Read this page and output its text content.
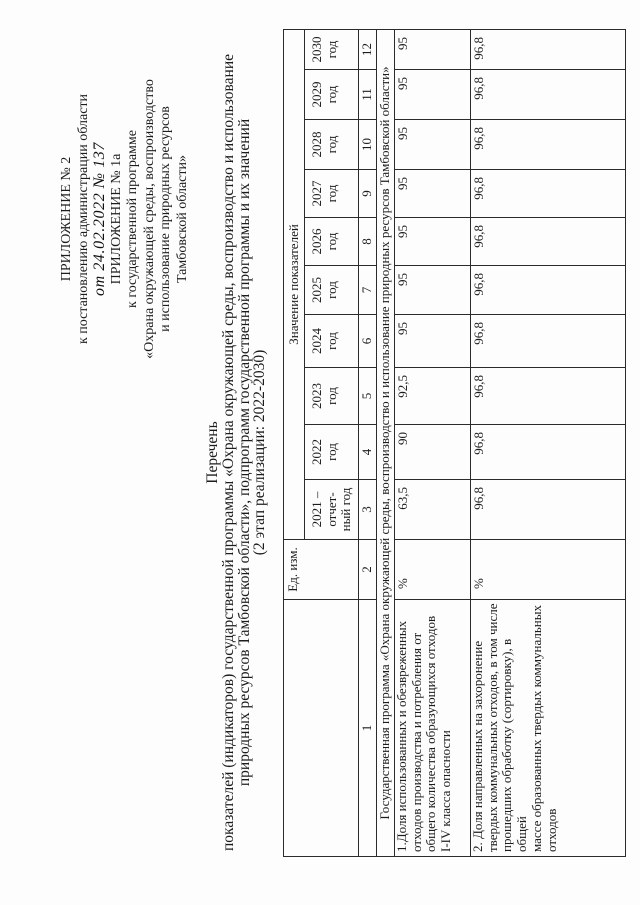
ПРИЛОЖЕНИЕ № 2 к постановлению администрации области от 24.02.2022 № 137 ПРИЛОЖЕНИЕ № 1а к государственной программе «Охрана окружающей среды, воспроизводство и использование природных ресурсов Тамбовской области»
Перечень
показателей (индикаторов) государственной программы «Охрана окружающей среды, воспроизводство и использование
природных ресурсов Тамбовской области», подпрограмм государственной программы и их значений
(2 этап реализации: 2022-2030)
	Ед. изм.	Значение показателей									

		2021 – отчет- ный год	2022 год	2023 год	2024 год	2025 год	2026 год	2027 год	2028 год	2029 год	2030 год

1	2	3	4	5	6	7	8	9	10	11	12
Государственная программа «Охрана окружающей среды, воспроизводство и использование природных ресурсов Тамбовской области»											

1.Доля использованных и обезвреженных отходов производства и потребления от общего количества образующихся отходов I-IV класса опасности	%	63,5	90	92,5	95	95	95	95	95	95	95

2. Доля направленных на захоронение твердых коммунальных отходов, в том числе прошедших обработку (сортировку), в общей массе образованных твердых коммунальных отходов	%	96,8	96,8	96,8	96,8	96,8	96,8	96,8	96,8	96,8	96,8
